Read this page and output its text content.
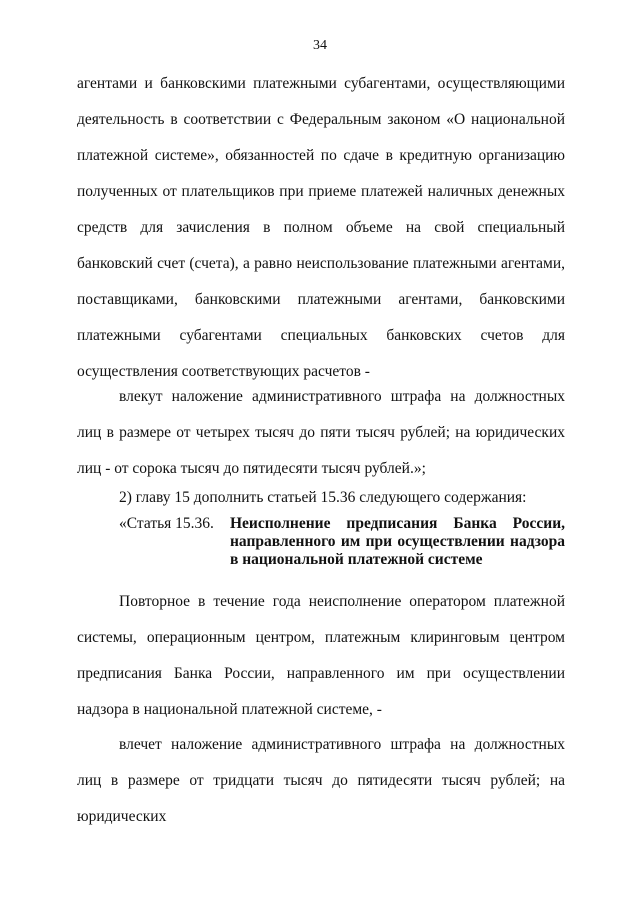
34

агентами и банковскими платежными субагентами, осуществляющими деятельность в соответствии с Федеральным законом «О национальной платежной системе», обязанностей по сдаче в кредитную организацию полученных от плательщиков при приеме платежей наличных денежных средств для зачисления в полном объеме на свой специальный банковский счет (счета), а равно неиспользование платежными агентами, поставщиками, банковскими платежными агентами, банковскими платежными субагентами специальных банковских счетов для осуществления соответствующих расчетов -

влекут наложение административного штрафа на должностных лиц в размере от четырех тысяч до пяти тысяч рублей; на юридических лиц - от сорока тысяч до пятидесяти тысяч рублей.»;

2) главу 15 дополнить статьей 15.36 следующего содержания:

«Статья 15.36. Неисполнение предписания Банка России, направленного им при осуществлении надзора в национальной платежной системе

Повторное в течение года неисполнение оператором платежной системы, операционным центром, платежным клиринговым центром предписания Банка России, направленного им при осуществлении надзора в национальной платежной системе, -

влечет наложение административного штрафа на должностных лиц в размере от тридцати тысяч до пятидесяти тысяч рублей; на юридических
